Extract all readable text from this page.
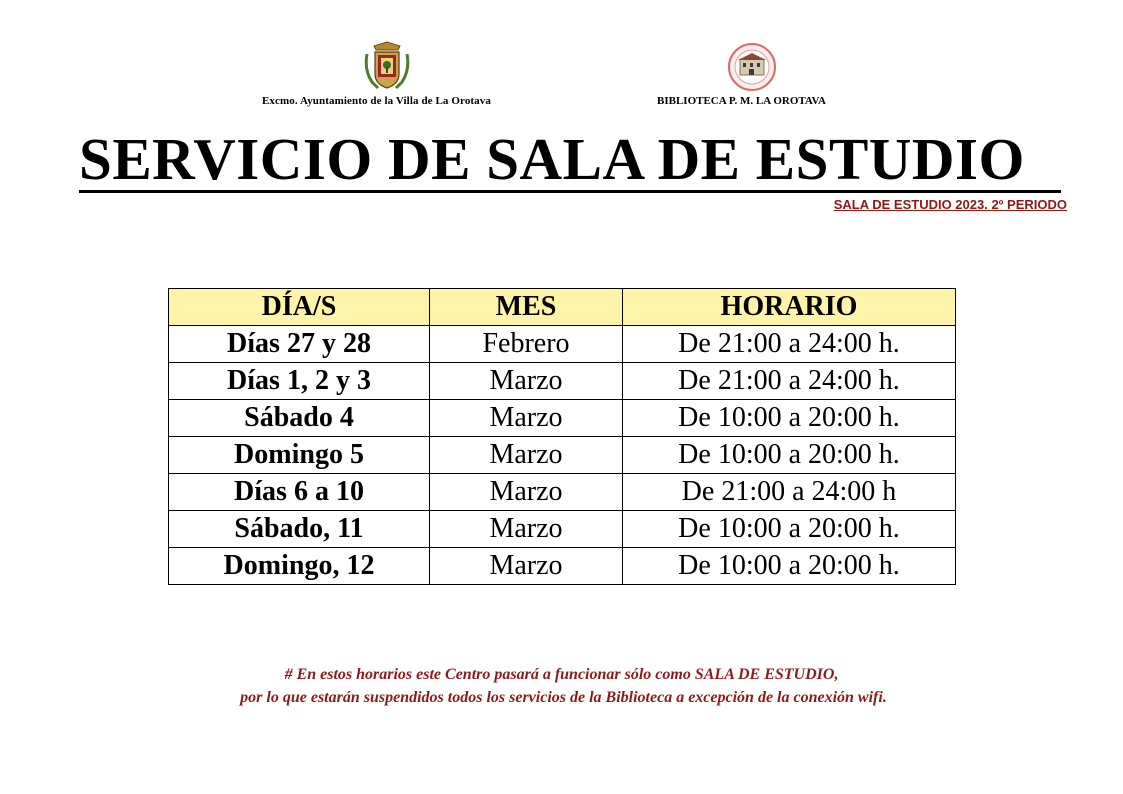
Excmo. Ayuntamiento de la Villa de La Orotava	BIBLIOTECA P. M. LA OROTAVA
SERVICIO DE SALA DE ESTUDIO
SALA DE ESTUDIO 2023. 2º PERIODO
DÍA/S	MES	HORARIO
Días 27 y 28	Febrero	De 21:00 a 24:00 h.
Días 1, 2 y 3	Marzo	De 21:00 a 24:00 h.
Sábado 4	Marzo	De 10:00 a 20:00 h.
Domingo 5	Marzo	De 10:00 a 20:00 h.
Días 6 a 10	Marzo	De 21:00 a 24:00 h
Sábado, 11	Marzo	De 10:00 a 20:00 h.
Domingo, 12	Marzo	De 10:00 a 20:00 h.
# En estos horarios este Centro pasará a funcionar sólo como SALA DE ESTUDIO,
por lo que estarán suspendidos todos los servicios de la Biblioteca a excepción de la conexión wifi.
